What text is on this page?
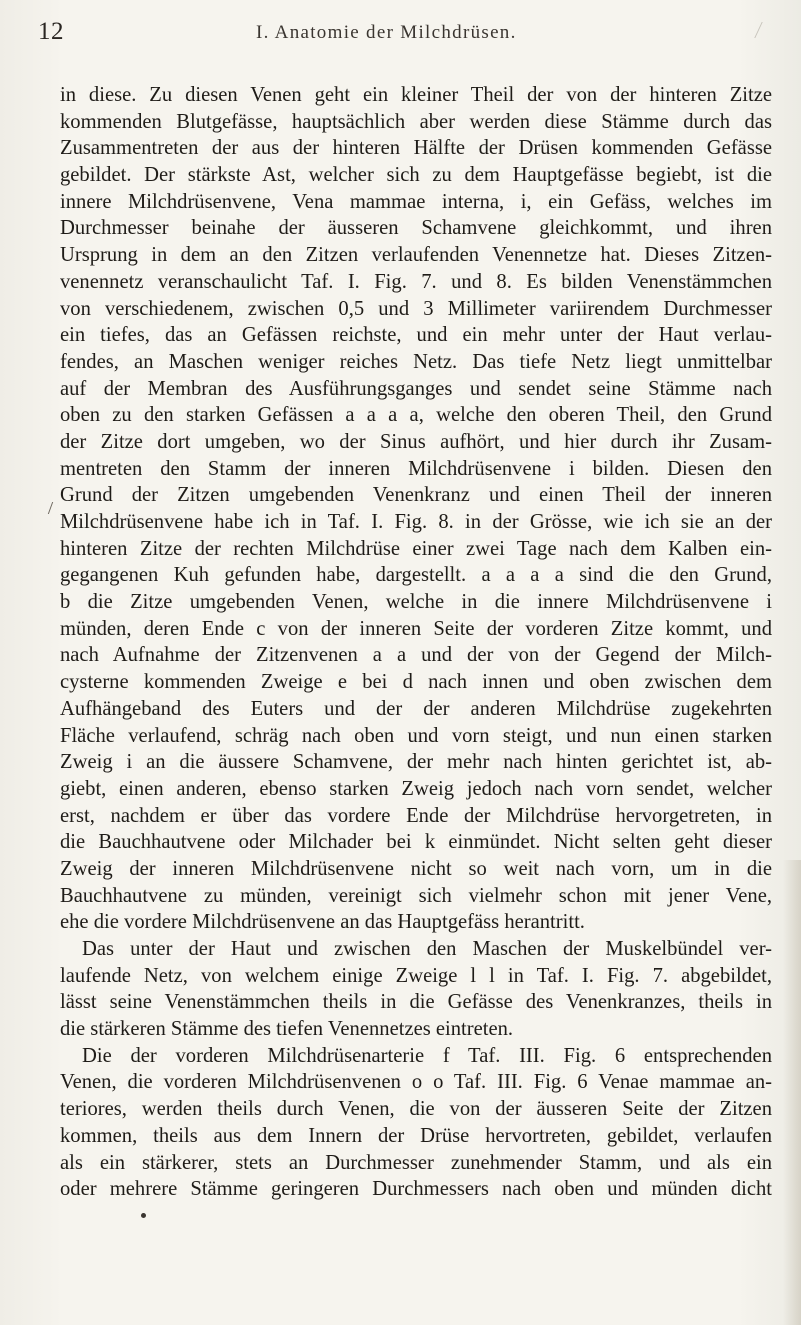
12	I. Anatomie der Milchdrüsen.
in diese. Zu diesen Venen geht ein kleiner Theil der von der hinteren Zitze
kommenden Blutgefässe, hauptsächlich aber werden diese Stämme durch das
Zusammentreten der aus der hinteren Hälfte der Drüsen kommenden Gefässe
gebildet. Der stärkste Ast, welcher sich zu dem Hauptgefässe begiebt, ist die
innere Milchdrüsenvene, Vena mammae interna, i, ein Gefäss, welches im
Durchmesser beinahe der äusseren Schamvene gleichkommt, und ihren
Ursprung in dem an den Zitzen verlaufenden Venennetze hat. Dieses Zitzen-
venennetz veranschaulicht Taf. I. Fig. 7. und 8. Es bilden Venenstämmchen
von verschiedenem, zwischen 0,5 und 3 Millimeter variirendem Durchmesser
ein tiefes, das an Gefässen reichste, und ein mehr unter der Haut verlau-
fendes, an Maschen weniger reiches Netz. Das tiefe Netz liegt unmittelbar
auf der Membran des Ausführungsganges und sendet seine Stämme nach
oben zu den starken Gefässen a a a a, welche den oberen Theil, den Grund
der Zitze dort umgeben, wo der Sinus aufhört, und hier durch ihr Zusam-
mentreten den Stamm der inneren Milchdrüsenvene i bilden. Diesen den
Grund der Zitzen umgebenden Venenkranz und einen Theil der inneren
Milchdrüsenvene habe ich in Taf. I. Fig. 8. in der Grösse, wie ich sie an der
hinteren Zitze der rechten Milchdrüse einer zwei Tage nach dem Kalben ein-
gegangenen Kuh gefunden habe, dargestellt. a a a a sind die den Grund,
b die Zitze umgebenden Venen, welche in die innere Milchdrüsenvene i
münden, deren Ende c von der inneren Seite der vorderen Zitze kommt, und
nach Aufnahme der Zitzenvenen a a und der von der Gegend der Milch-
cysterne kommenden Zweige e bei d nach innen und oben zwischen dem
Aufhängeband des Euters und der der anderen Milchdrüse zugekehrten
Fläche verlaufend, schräg nach oben und vorn steigt, und nun einen starken
Zweig i an die äussere Schamvene, der mehr nach hinten gerichtet ist, ab-
giebt, einen anderen, ebenso starken Zweig jedoch nach vorn sendet, welcher
erst, nachdem er über das vordere Ende der Milchdrüse hervorgetreten, in
die Bauchhautvene oder Milchader bei k einmündet. Nicht selten geht dieser
Zweig der inneren Milchdrüsenvene nicht so weit nach vorn, um in die
Bauchhautvene zu münden, vereinigt sich vielmehr schon mit jener Vene,
ehe die vordere Milchdrüsenvene an das Hauptgefäss herantritt.
Das unter der Haut und zwischen den Maschen der Muskelbündel ver-
laufende Netz, von welchem einige Zweige l l in Taf. I. Fig. 7. abgebildet,
lässt seine Venenstämmchen theils in die Gefässe des Venenkranzes, theils in
die stärkeren Stämme des tiefen Venennetzes eintreten.
Die der vorderen Milchdrüsenarterie f Taf. III. Fig. 6 entsprechenden
Venen, die vorderen Milchdrüsenvenen o o Taf. III. Fig. 6 Venae mammae an-
teriores, werden theils durch Venen, die von der äusseren Seite der Zitzen
kommen, theils aus dem Innern der Drüse hervortreten, gebildet, verlaufen
als ein stärkerer, stets an Durchmesser zunehmender Stamm, und als ein
oder mehrere Stämme geringeren Durchmessers nach oben und münden dicht
